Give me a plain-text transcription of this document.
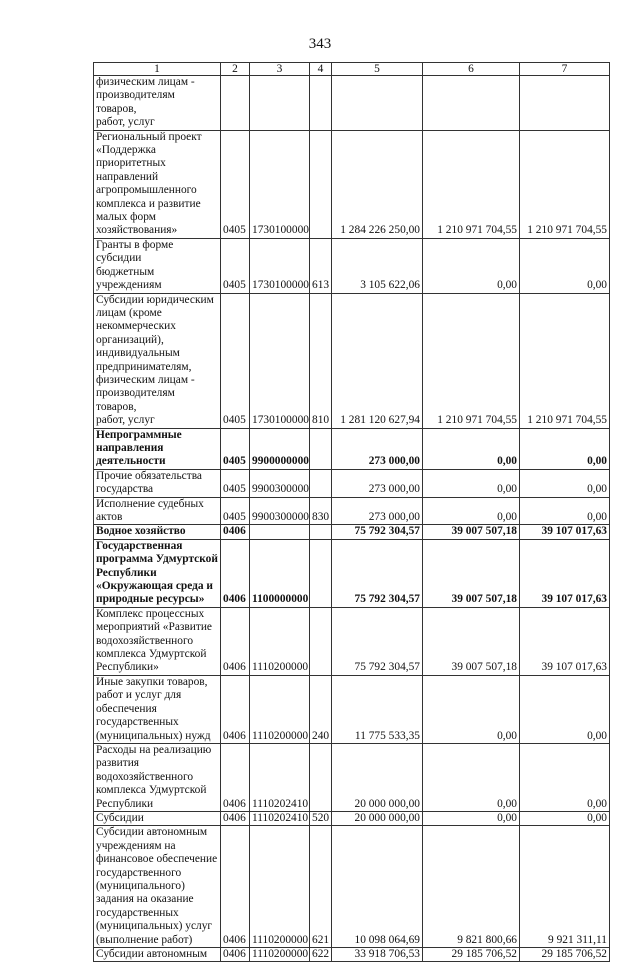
343
1	2	3	4	5	6	7

физическим лицам -
производителям товаров,
работ, услуг						

Региональный проект
«Поддержка
приоритетных
направлений
агропромышленного
комплекса и развитие
малых форм
хозяйствования»	0405	1730100000		1 284 226 250,00	1 210 971 704,55	1 210 971 704,55

Гранты в форме субсидии
бюджетным учреждениям	0405	1730100000	613	3 105 622,06	0,00	0,00

Субсидии юридическим
лицам (кроме
некоммерческих
организаций),
индивидуальным
предпринимателям,
физическим лицам -
производителям товаров,
работ, услуг	0405	1730100000	810	1 281 120 627,94	1 210 971 704,55	1 210 971 704,55

Непрограммные
направления
деятельности	0405	9900000000		273 000,00	0,00	0,00

Прочие обязательства
государства	0405	9900300000		273 000,00	0,00	0,00

Исполнение судебных
актов	0405	9900300000	830	273 000,00	0,00	0,00

Водное хозяйство	0406			75 792 304,57	39 007 507,18	39 107 017,63

Государственная
программа Удмуртской
Республики
«Окружающая среда и
природные ресурсы»	0406	1100000000		75 792 304,57	39 007 507,18	39 107 017,63

Комплекс процессных
мероприятий «Развитие
водохозяйственного
комплекса Удмуртской
Республики»	0406	1110200000		75 792 304,57	39 007 507,18	39 107 017,63

Иные закупки товаров,
работ и услуг для
обеспечения
государственных
(муниципальных) нужд	0406	1110200000	240	11 775 533,35	0,00	0,00

Расходы на реализацию
развития
водохозяйственного
комплекса Удмуртской
Республики	0406	1110202410		20 000 000,00	0,00	0,00

Субсидии	0406	1110202410	520	20 000 000,00	0,00	0,00

Субсидии автономным
учреждениям на
финансовое обеспечение
государственного
(муниципального)
задания на оказание
государственных
(муниципальных) услуг
(выполнение работ)	0406	1110200000	621	10 098 064,69	9 821 800,66	9 921 311,11

Субсидии автономным	0406	1110200000	622	33 918 706,53	29 185 706,52	29 185 706,52
